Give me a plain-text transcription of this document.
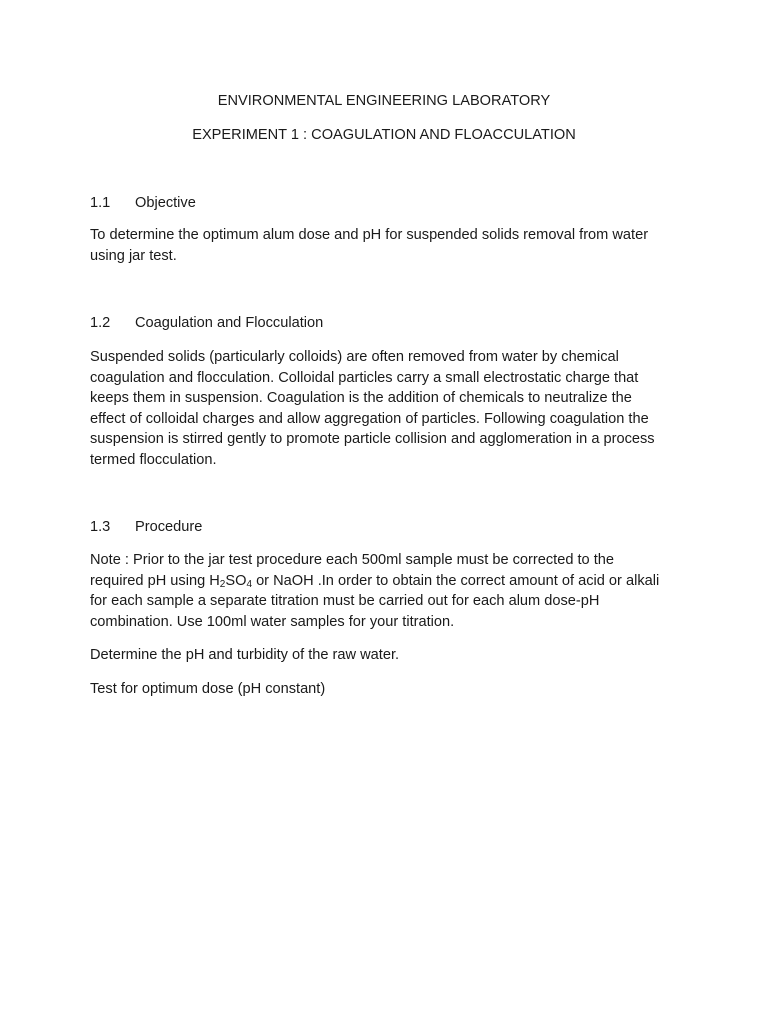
ENVIRONMENTAL ENGINEERING LABORATORY
EXPERIMENT 1 : COAGULATION AND FLOACCULATION
1.1 Objective
To determine the optimum alum dose and pH for suspended solids removal from water
using jar test.
1.2 Coagulation and Flocculation
Suspended solids (particularly colloids) are often removed from water by chemical
coagulation and flocculation. Colloidal particles carry a small electrostatic charge that
keeps them in suspension. Coagulation is the addition of chemicals to neutralize the
effect of colloidal charges and allow aggregation of particles. Following coagulation the
suspension is stirred gently to promote particle collision and agglomeration in a process
termed flocculation.
1.3 Procedure
Note : Prior to the jar test procedure each 500ml sample must be corrected to the
required pH using $H_2SO_4$ or NaOH .In order to obtain the correct amount of acid or alkali
for each sample a separate titration must be carried out for each alum dose-pH
combination. Use 100ml water samples for your titration.
Determine the pH and turbidity of the raw water.
Test for optimum dose (pH constant)
